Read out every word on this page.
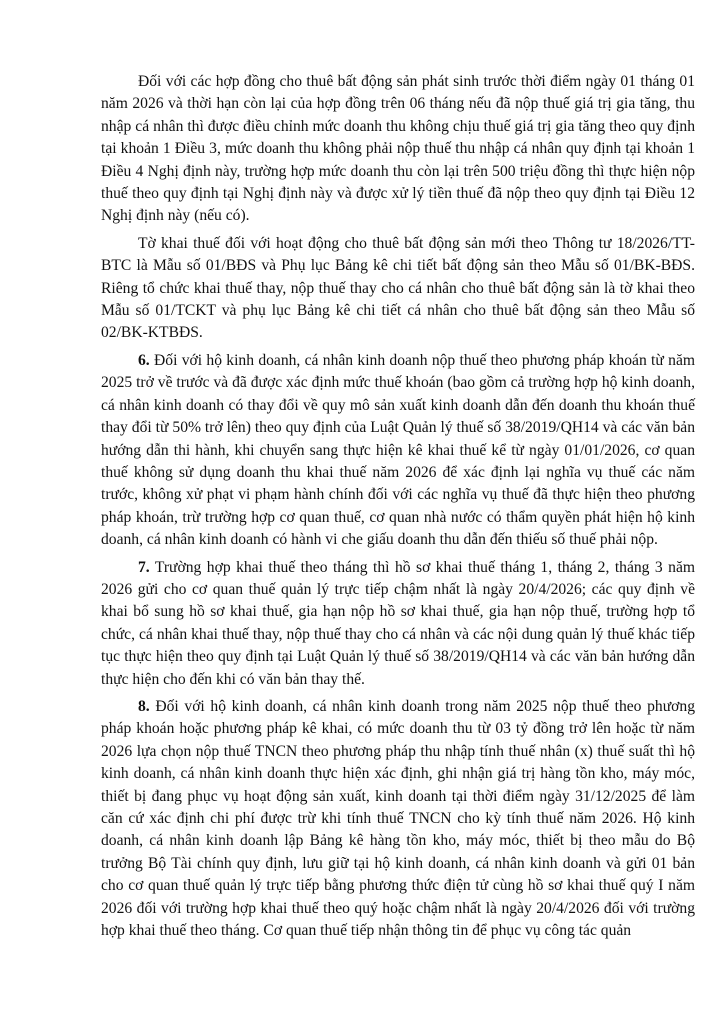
Đối với các hợp đồng cho thuê bất động sản phát sinh trước thời điểm ngày 01 tháng 01 năm 2026 và thời hạn còn lại của hợp đồng trên 06 tháng nếu đã nộp thuế giá trị gia tăng, thu nhập cá nhân thì được điều chỉnh mức doanh thu không chịu thuế giá trị gia tăng theo quy định tại khoản 1 Điều 3, mức doanh thu không phải nộp thuế thu nhập cá nhân quy định tại khoản 1 Điều 4 Nghị định này, trường hợp mức doanh thu còn lại trên 500 triệu đồng thì thực hiện nộp thuế theo quy định tại Nghị định này và được xử lý tiền thuế đã nộp theo quy định tại Điều 12 Nghị định này (nếu có).

Tờ khai thuế đối với hoạt động cho thuê bất động sản mới theo Thông tư 18/2026/TT-BTC là Mẫu số 01/BĐS và Phụ lục Bảng kê chi tiết bất động sản theo Mẫu số 01/BK-BĐS. Riêng tổ chức khai thuế thay, nộp thuế thay cho cá nhân cho thuê bất động sản là tờ khai theo Mẫu số 01/TCKT và phụ lục Bảng kê chi tiết cá nhân cho thuê bất động sản theo Mẫu số 02/BK-KTBĐS.

6. Đối với hộ kinh doanh, cá nhân kinh doanh nộp thuế theo phương pháp khoán từ năm 2025 trở về trước và đã được xác định mức thuế khoán (bao gồm cả trường hợp hộ kinh doanh, cá nhân kinh doanh có thay đổi về quy mô sản xuất kinh doanh dẫn đến doanh thu khoán thuế thay đổi từ 50% trở lên) theo quy định của Luật Quản lý thuế số 38/2019/QH14 và các văn bản hướng dẫn thi hành, khi chuyển sang thực hiện kê khai thuế kể từ ngày 01/01/2026, cơ quan thuế không sử dụng doanh thu khai thuế năm 2026 để xác định lại nghĩa vụ thuế các năm trước, không xử phạt vi phạm hành chính đối với các nghĩa vụ thuế đã thực hiện theo phương pháp khoán, trừ trường hợp cơ quan thuế, cơ quan nhà nước có thẩm quyền phát hiện hộ kinh doanh, cá nhân kinh doanh có hành vi che giấu doanh thu dẫn đến thiếu số thuế phải nộp.

7. Trường hợp khai thuế theo tháng thì hồ sơ khai thuế tháng 1, tháng 2, tháng 3 năm 2026 gửi cho cơ quan thuế quản lý trực tiếp chậm nhất là ngày 20/4/2026; các quy định về khai bổ sung hồ sơ khai thuế, gia hạn nộp hồ sơ khai thuế, gia hạn nộp thuế, trường hợp tổ chức, cá nhân khai thuế thay, nộp thuế thay cho cá nhân và các nội dung quản lý thuế khác tiếp tục thực hiện theo quy định tại Luật Quản lý thuế số 38/2019/QH14 và các văn bản hướng dẫn thực hiện cho đến khi có văn bản thay thế.

8. Đối với hộ kinh doanh, cá nhân kinh doanh trong năm 2025 nộp thuế theo phương pháp khoán hoặc phương pháp kê khai, có mức doanh thu từ 03 tỷ đồng trở lên hoặc từ năm 2026 lựa chọn nộp thuế TNCN theo phương pháp thu nhập tính thuế nhân (x) thuế suất thì hộ kinh doanh, cá nhân kinh doanh thực hiện xác định, ghi nhận giá trị hàng tồn kho, máy móc, thiết bị đang phục vụ hoạt động sản xuất, kinh doanh tại thời điểm ngày 31/12/2025 để làm căn cứ xác định chi phí được trừ khi tính thuế TNCN cho kỳ tính thuế năm 2026. Hộ kinh doanh, cá nhân kinh doanh lập Bảng kê hàng tồn kho, máy móc, thiết bị theo mẫu do Bộ trưởng Bộ Tài chính quy định, lưu giữ tại hộ kinh doanh, cá nhân kinh doanh và gửi 01 bản cho cơ quan thuế quản lý trực tiếp bằng phương thức điện tử cùng hồ sơ khai thuế quý I năm 2026 đối với trường hợp khai thuế theo quý hoặc chậm nhất là ngày 20/4/2026 đối với trường hợp khai thuế theo tháng. Cơ quan thuế tiếp nhận thông tin để phục vụ công tác quản
